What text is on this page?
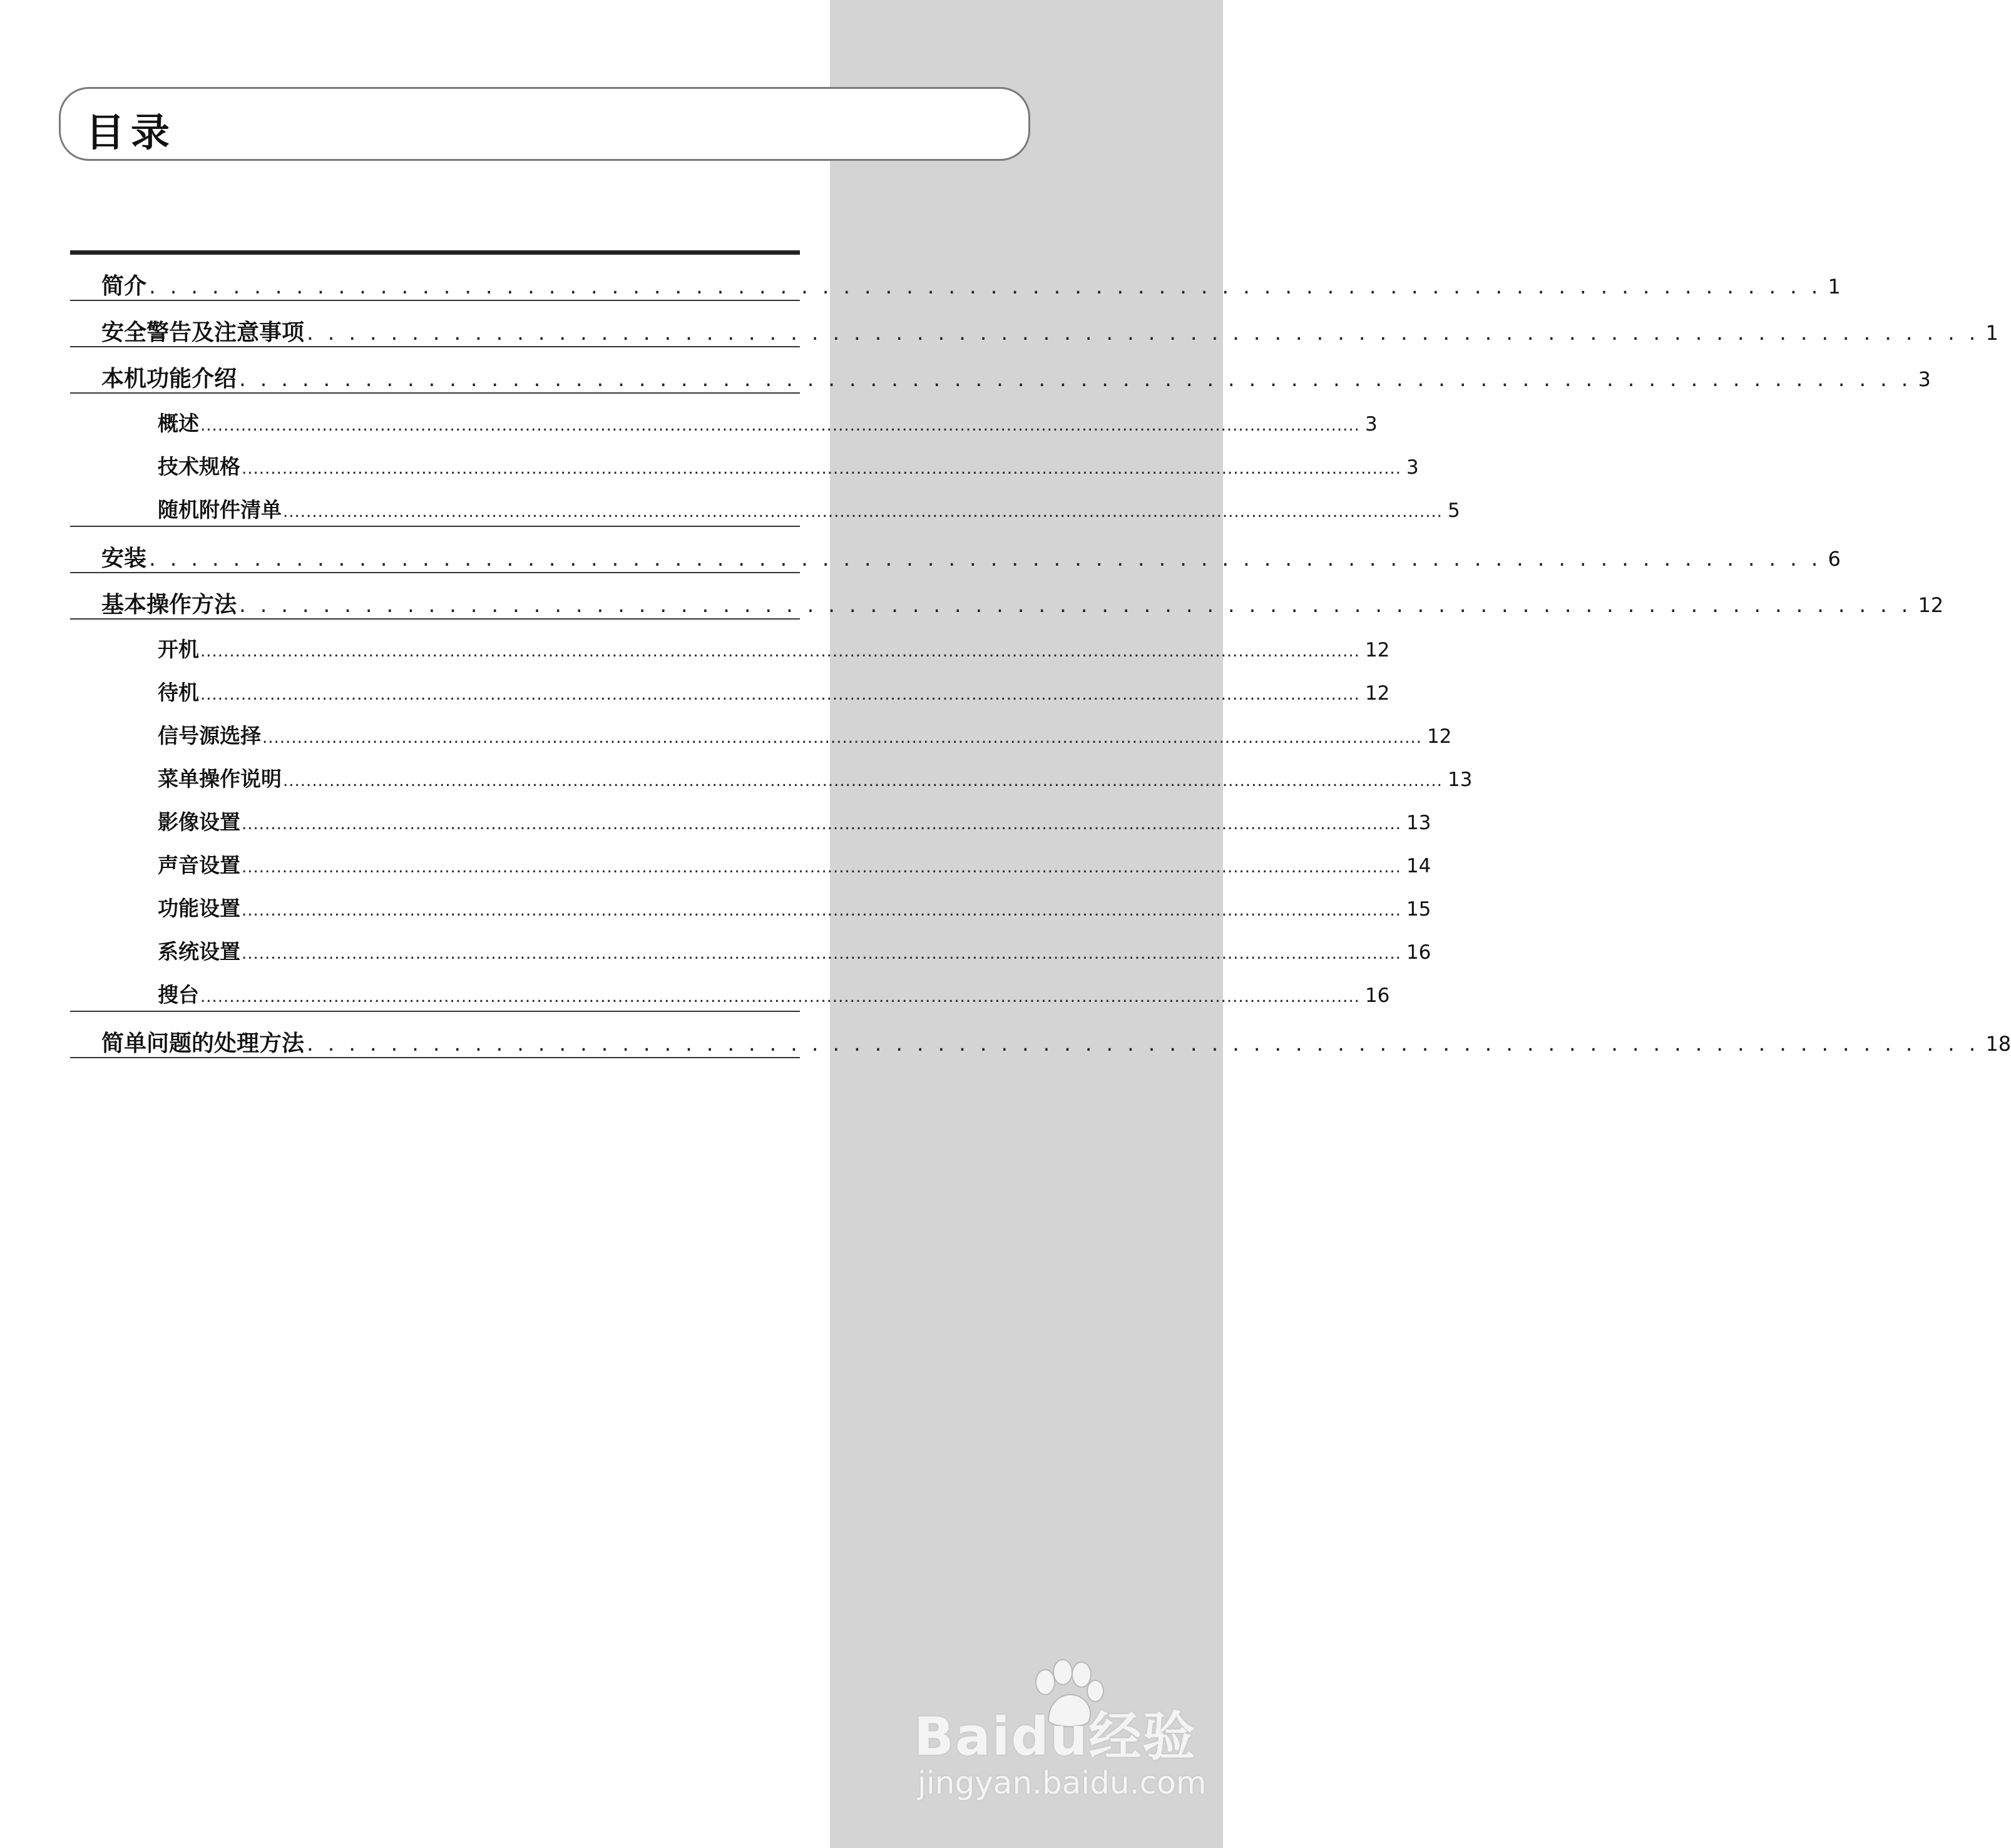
目录
简介 . . . . . . . . . . . . . . . . . . . . . . . . . . . . . . . . . . . . . . . . . . . . . . . . . . . . . . . . . . . . . . . . . . . . . . . . . . . . . . . . 1
安全警告及注意事项 . . . . . . . . . . . . . . . . . . . . . . . . . . . . . . . . . . . . . . . . . . . . . . . . . . . . . . . . . . . . . . . . . . . . . . . . . . . . . . . . 1
本机功能介绍 . . . . . . . . . . . . . . . . . . . . . . . . . . . . . . . . . . . . . . . . . . . . . . . . . . . . . . . . . . . . . . . . . . . . . . . . . . . . . . . . 3
概述 ........................................................................................................................................................................................................ 3
技术规格 ........................................................................................................................................................................................................ 3
随机附件清单 ........................................................................................................................................................................................................ 5
安装 . . . . . . . . . . . . . . . . . . . . . . . . . . . . . . . . . . . . . . . . . . . . . . . . . . . . . . . . . . . . . . . . . . . . . . . . . . . . . . . . 6
基本操作方法 . . . . . . . . . . . . . . . . . . . . . . . . . . . . . . . . . . . . . . . . . . . . . . . . . . . . . . . . . . . . . . . . . . . . . . . . . . . . . . . . 12
开机 ........................................................................................................................................................................................................ 12
待机 ........................................................................................................................................................................................................ 12
信号源选择 ........................................................................................................................................................................................................ 12
菜单操作说明 ........................................................................................................................................................................................................ 13
影像设置 ........................................................................................................................................................................................................ 13
声音设置 ........................................................................................................................................................................................................ 14
功能设置 ........................................................................................................................................................................................................ 15
系统设置 ........................................................................................................................................................................................................ 16
搜台 ........................................................................................................................................................................................................ 16
简单问题的处理方法 . . . . . . . . . . . . . . . . . . . . . . . . . . . . . . . . . . . . . . . . . . . . . . . . . . . . . . . . . . . . . . . . . . . . . . . . . . . . . . . . 18
Baidu经验
jingyan.baidu.com
